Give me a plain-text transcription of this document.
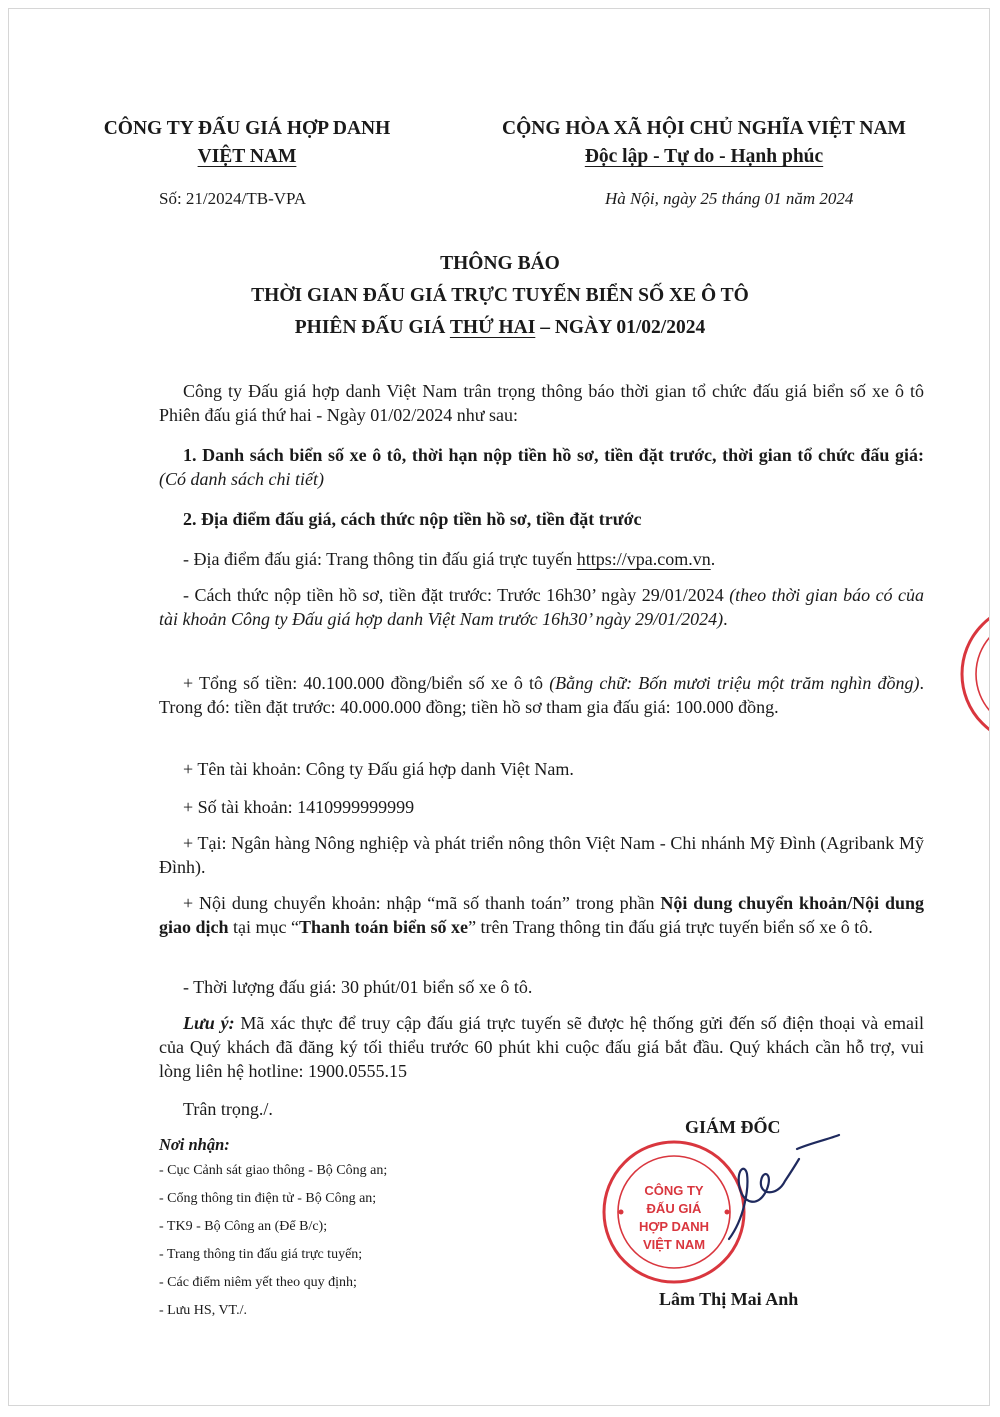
CÔNG TY ĐẤU GIÁ HỢP DANH
VIỆT NAM
CỘNG HÒA XÃ HỘI CHỦ NGHĨA VIỆT NAM
Độc lập - Tự do - Hạnh phúc
Số: 21/2024/TB-VPA	Hà Nội, ngày 25 tháng 01 năm 2024
THÔNG BÁO
THỜI GIAN ĐẤU GIÁ TRỰC TUYẾN BIỂN SỐ XE Ô TÔ
PHIÊN ĐẤU GIÁ THỨ HAI – NGÀY 01/02/2024

Công ty Đấu giá hợp danh Việt Nam trân trọng thông báo thời gian tổ chức đấu giá biển số xe ô tô Phiên đấu giá thứ hai - Ngày 01/02/2024 như sau:

1. Danh sách biển số xe ô tô, thời hạn nộp tiền hồ sơ, tiền đặt trước, thời gian tổ chức đấu giá: (Có danh sách chi tiết)

2. Địa điểm đấu giá, cách thức nộp tiền hồ sơ, tiền đặt trước

- Địa điểm đấu giá: Trang thông tin đấu giá trực tuyến https://vpa.com.vn.

- Cách thức nộp tiền hồ sơ, tiền đặt trước: Trước 16h30’ ngày 29/01/2024 (theo thời gian báo có của tài khoản Công ty Đấu giá hợp danh Việt Nam trước 16h30’ ngày 29/01/2024).

+ Tổng số tiền: 40.100.000 đồng/biển số xe ô tô (Bằng chữ: Bốn mươi triệu một trăm nghìn đồng). Trong đó: tiền đặt trước: 40.000.000 đồng; tiền hồ sơ tham gia đấu giá: 100.000 đồng.

+ Tên tài khoản: Công ty Đấu giá hợp danh Việt Nam.

+ Số tài khoản: 1410999999999

+ Tại: Ngân hàng Nông nghiệp và phát triển nông thôn Việt Nam - Chi nhánh Mỹ Đình (Agribank Mỹ Đình).

+ Nội dung chuyển khoản: nhập “mã số thanh toán” trong phần Nội dung chuyển khoản/Nội dung giao dịch tại mục “Thanh toán biển số xe” trên Trang thông tin đấu giá trực tuyến biển số xe ô tô.

- Thời lượng đấu giá: 30 phút/01 biển số xe ô tô.

Lưu ý: Mã xác thực để truy cập đấu giá trực tuyến sẽ được hệ thống gửi đến số điện thoại và email của Quý khách đã đăng ký tối thiểu trước 60 phút khi cuộc đấu giá bắt đầu. Quý khách cần hỗ trợ, vui lòng liên hệ hotline: 1900.0555.15

Trân trọng./.

Nơi nhận:
- Cục Cảnh sát giao thông - Bộ Công an;
- Cổng thông tin điện tử - Bộ Công an;
- TK9 - Bộ Công an (Để B/c);
- Trang thông tin đấu giá trực tuyến;
- Các điểm niêm yết theo quy định;
- Lưu HS, VT./.
GIÁM ĐỐC
CÔNG TY
ĐẤU GIÁ
HỢP DANH
VIỆT NAM
Lâm Thị Mai Anh
